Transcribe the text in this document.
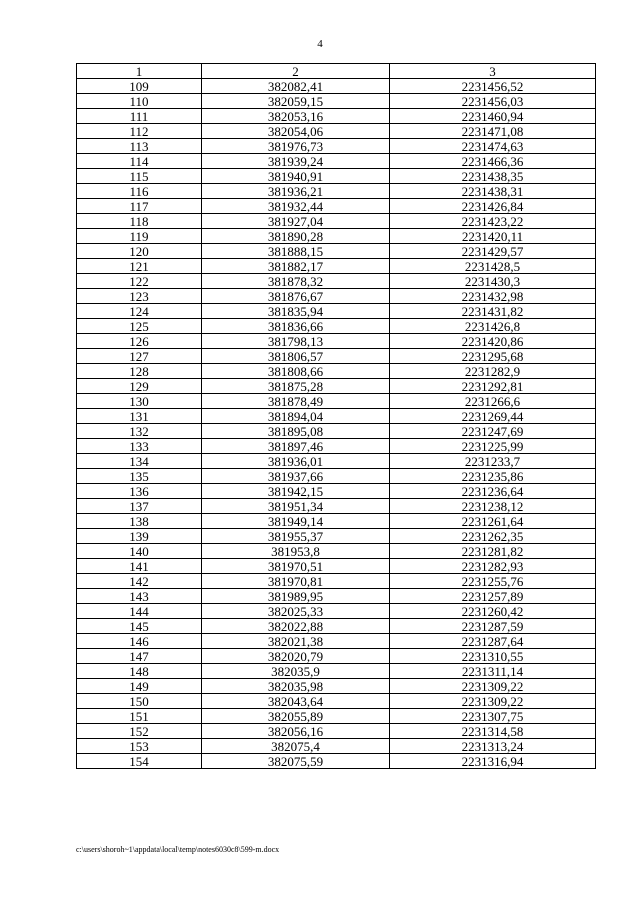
4
1	2	3
109	382082,41	2231456,52
110	382059,15	2231456,03
111	382053,16	2231460,94
112	382054,06	2231471,08
113	381976,73	2231474,63
114	381939,24	2231466,36
115	381940,91	2231438,35
116	381936,21	2231438,31
117	381932,44	2231426,84
118	381927,04	2231423,22
119	381890,28	2231420,11
120	381888,15	2231429,57
121	381882,17	2231428,5
122	381878,32	2231430,3
123	381876,67	2231432,98
124	381835,94	2231431,82
125	381836,66	2231426,8
126	381798,13	2231420,86
127	381806,57	2231295,68
128	381808,66	2231282,9
129	381875,28	2231292,81
130	381878,49	2231266,6
131	381894,04	2231269,44
132	381895,08	2231247,69
133	381897,46	2231225,99
134	381936,01	2231233,7
135	381937,66	2231235,86
136	381942,15	2231236,64
137	381951,34	2231238,12
138	381949,14	2231261,64
139	381955,37	2231262,35
140	381953,8	2231281,82
141	381970,51	2231282,93
142	381970,81	2231255,76
143	381989,95	2231257,89
144	382025,33	2231260,42
145	382022,88	2231287,59
146	382021,38	2231287,64
147	382020,79	2231310,55
148	382035,9	2231311,14
149	382035,98	2231309,22
150	382043,64	2231309,22
151	382055,89	2231307,75
152	382056,16	2231314,58
153	382075,4	2231313,24
154	382075,59	2231316,94
c:\users\shoroh~1\appdata\local\temp\notes6030c8\599-m.docx
